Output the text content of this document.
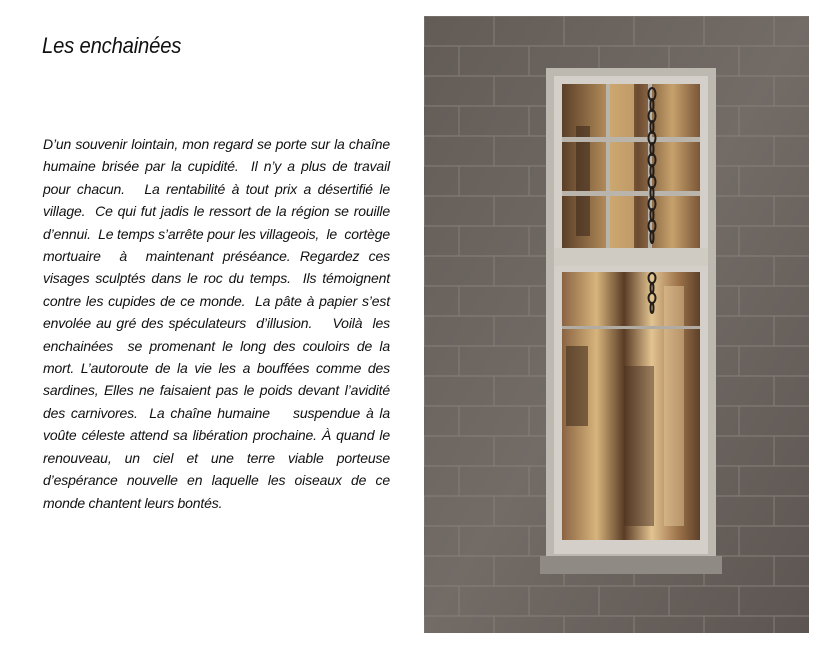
Les enchainées
D’un souvenir lointain, mon regard se porte sur la chaîne humaine brisée par la cupidité.  Il n’y a plus de travail pour chacun.   La rentabilité à tout prix a désertifié le village.  Ce qui fut jadis le ressort de la région se rouille d’ennui.  Le temps s’arrête pour les villageois,  le  cortège  mortuaire  à  maintenant préséance. Regardez ces visages sculptés dans le roc du temps.  Ils témoignent contre les cupides de ce monde.  La pâte à papier s’est envolée au gré des spéculateurs  d’illusion.    Voilà  les  enchainées  se promenant le long des couloirs de la mort. L’autoroute de la vie les a bouffées comme des sardines, Elles ne faisaient pas le poids devant l’avidité des carnivores.  La chaîne humaine    suspendue à la voûte céleste attend sa libération prochaine. À quand le renouveau, un ciel et une terre viable porteuse d’espérance nouvelle en laquelle les oiseaux de ce monde chantent leurs bontés.
